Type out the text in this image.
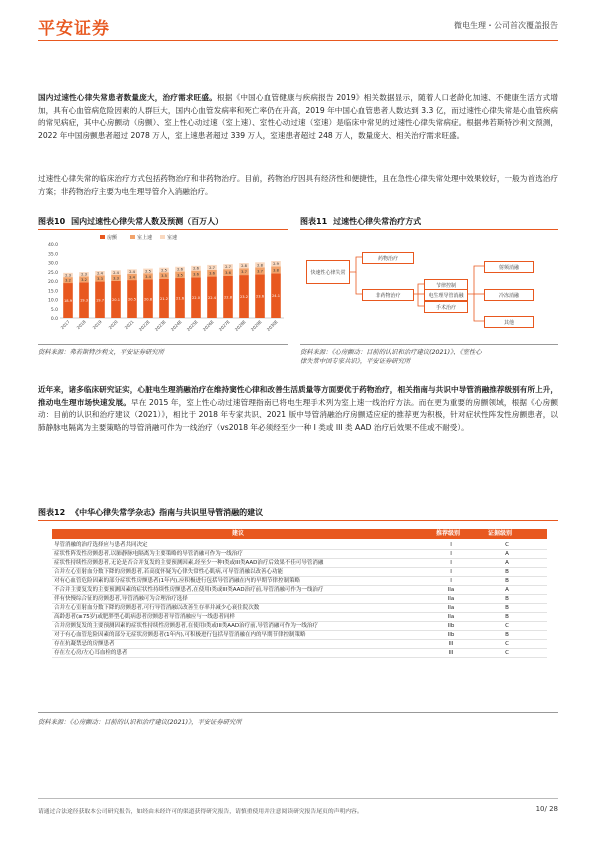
平安证券	微电生理・公司首次覆盖报告
国内过速性心律失常患者数量庞大，治疗需求旺盛。根据《中国心血管健康与疾病报告 2019》相关数据显示，随着人口老龄化加速、不健康生活方式增加，具有心血管病危险因素的人群巨大，国内心血管发病率和死亡率仍在升高，2019 年中国心血管患者人数达到 3.3 亿，而过速性心律失常是心血管疾病的常见病症，其中心房颤动（房颤）、室上性心动过速（室上速）、室性心动过速（室速）是临床中常见的过速性心律失常病症。根据弗若斯特沙利文预测，2022 年中国房颤患者超过 2078 万人，室上速患者超过 339 万人，室速患者超过 248 万人，数量庞大、相关治疗需求旺盛。
过速性心律失常的临床治疗方式包括药物治疗和非药物治疗。目前，药物治疗因具有经济性和便捷性，且在急性心律失常处理中效果较好，一般为首选治疗方案；非药物治疗主要为电生理导管介入消融治疗。
图表10 国内过速性心律失常人数及预测（百万人）	图表11 过速性心律失常治疗方式
0.0
5.0
10.0
15.0
20.0
25.0
30.0
35.0
40.0
房颤	室上速	室速
18.9
3.2
2.3
2017
19.3
3.2
2.3
2018
19.7
3.3
2.4
2019
20.1
3.3
2.4
2020
20.5
3.4
2.4
2021
20.8
3.4
2.5
2022E
21.2
3.5
2.5
2023E
21.6
3.5
2.6
2024E
22.0
3.6
2.6
2025E
22.4
3.6
2.7
2026E
22.8
3.6
2.7
2027E
23.2
3.7
2.8
2028E
23.6
3.7
2.8
2029E
24.1
3.8
2.9
2030E
资料来源：弗若斯特沙利文，平安证券研究所
快速性心律失常
药物治疗
非药物治疗
节律控制
电生理导管消融
手术治疗
射频消融
冷冻消融
其他
资料来源：《心房颤动：目前的认识和治疗建议(2021)》、《室性心
律失常中国专家共识》，平安证券研究所
近年来，诸多临床研究证实，心脏电生理消融治疗在维持窦性心律和改善生活质量等方面要优于药物治疗，相关指南与共识中导管消融推荐级别有所上升，推动电生理市场快速发展。早在 2015 年，室上性心动过速管理指南已将电生理手术列为室上速一线治疗方法。而在更为重要的房颤领域，根据《心房颤动：目前的认识和治疗建议（2021）》，相比于 2018 年专家共识、2021 版中导管消融治疗房颤适应症的推荐更为积极，针对症状性阵发性房颤患者，以肺静脉电隔离为主要策略的导管消融可作为一线治疗（vs2018 年必须经至少一种 I 类或 III 类 AAD 治疗后效果不佳或不耐受）。
图表12 《中华心律失常学杂志》指南与共识里导管消融的建议
建议	推荐级别	证据级别
导管消融的治疗选择应与患者共同决定	I	C
症状性阵发性房颤患者,以肺静脉电隔离为主要策略的导管消融可作为一线治疗	I	A
症状性持续性房颤患者,无论是否合并复发的主要预测因素,经至少一种I类或III类AAD治疗后效果不佳可导管消融	I	A
合并左心室射血分数下降的房颤患者,若高度怀疑为心律失常性心肌病,可导管消融以改善心功能	I	B
对有心血管危险因素的部分症状性房颤患者(1年内),应积极进行包括导管消融在内的早期节律控制策略	I	B
不合并主要复发的主要预测因素的症状性持续性房颤患者,在使用I类或III类AAD治疗前,导管消融可作为一线治疗	IIa	A
伴有快慢综合征的房颤患者,导管消融可为合理治疗选择	IIa	B
合并左心室射血分数下降的房颤患者,可行导管消融以改善生存率并减少心衰住院次数	IIa	B
高龄患者(≥75岁)或肥胖型心肌病患者房颤患者导管消融应与一线患者同样	IIa	B
合并房颤复发的主要预测因素的症状性持续性房颤患者,在使用I类或III类AAD治疗前,导管消融可作为一线治疗	IIb	C
对于有心血管危险因素的部分无症状房颤患者(1年内),可积极进行包括导管消融在内的早期节律控制策略	IIb	B
存在抗凝禁忌的房颤患者	III	C
存在左心房/左心耳血栓的患者	III	C
资料来源：《心房颤动：目前的认识和治疗建议(2021)》，平安证券研究所
请通过合法途径获取本公司研究报告，如经由未经许可的渠道获得研究报告，请慎重使用并注意阅读研究报告尾页的声明内容。	10/ 28
